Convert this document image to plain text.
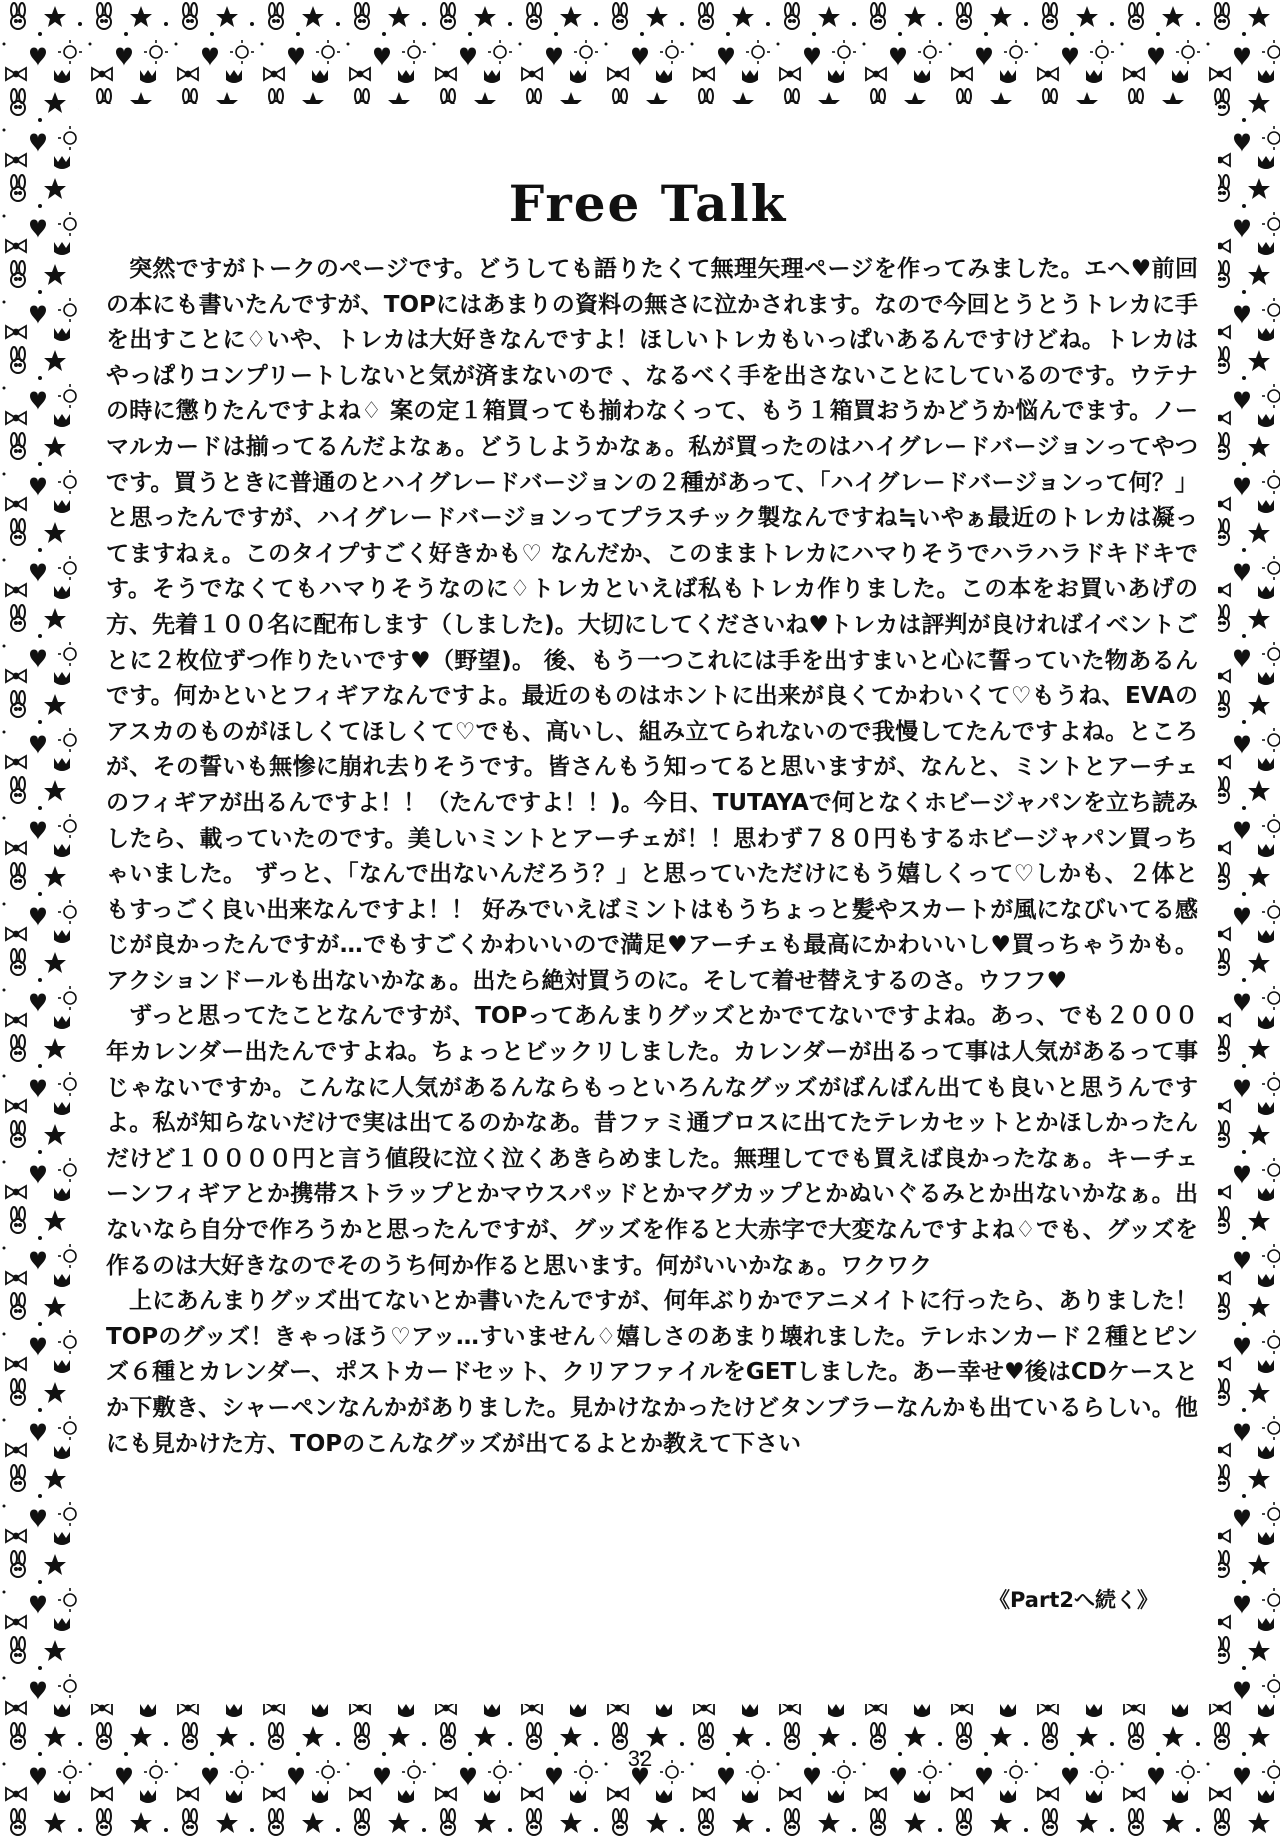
Free Talk

突然ですがトークのページです。どうしても語りたくて無理矢理ページを作ってみました。エヘ♥前回の本にも書いたんですが、TOPにはあまりの資料の無さに泣かされます。なので今回とうとうトレカに手を出すことに♢いや、トレカは大好きなんですよ！ほしいトレカもいっぱいあるんですけどね。トレカはやっぱりコンプリートしないと気が済まないので 、なるべく手を出さないことにしているのです。ウテナの時に懲りたんですよね♢ 案の定１箱買っても揃わなくって、もう１箱買おうかどうか悩んでます。ノーマルカードは揃ってるんだよなぁ。どうしようかなぁ。私が買ったのはハイグレードバージョンってやつです。買うときに普通のとハイグレードバージョンの２種があって、「ハイグレードバージョンって何？」と思ったんですが、ハイグレードバージョンってプラスチック製なんですね≒いやぁ最近のトレカは凝ってますねぇ。このタイプすごく好きかも♡ なんだか、このままトレカにハマりそうでハラハラドキドキです。そうでなくてもハマりそうなのに♢トレカといえば私もトレカ作りました。この本をお買いあげの方、先着１００名に配布します（しました)。大切にしてくださいね♥トレカは評判が良ければイベントごとに２枚位ずつ作りたいです♥（野望)。 後、もう一つこれには手を出すまいと心に誓っていた物あるんです。何かといとフィギアなんですよ。最近のものはホントに出来が良くてかわいくて♡もうね、EVAのアスカのものがほしくてほしくて♡でも、高いし、組み立てられないので我慢してたんですよね。ところが、その誓いも無惨に崩れ去りそうです。皆さんもう知ってると思いますが、なんと、ミントとアーチェのフィギアが出るんですよ！！（たんですよ！！)。今日、TUTAYAで何となくホビージャパンを立ち読みしたら、載っていたのです。美しいミントとアーチェが！！思わず７８０円もするホビージャパン買っちゃいました。 ずっと、「なんで出ないんだろう？」と思っていただけにもう嬉しくって♡しかも、２体ともすっごく良い出来なんですよ！！ 好みでいえばミントはもうちょっと髪やスカートが風になびいてる感じが良かったんですが…でもすごくかわいいので満足♥アーチェも最高にかわいいし♥買っちゃうかも。アクションドールも出ないかなぁ。出たら絶対買うのに。そして着せ替えするのさ。ウフフ♥

ずっと思ってたことなんですが、TOPってあんまりグッズとかでてないですよね。あっ、でも２０００年カレンダー出たんですよね。ちょっとビックリしました。カレンダーが出るって事は人気があるって事じゃないですか。こんなに人気があるんならもっといろんなグッズがばんばん出ても良いと思うんですよ。私が知らないだけで実は出てるのかなあ。昔ファミ通ブロスに出てたテレカセットとかほしかったんだけど１００００円と言う値段に泣く泣くあきらめました。無理してでも買えば良かったなぁ。キーチェーンフィギアとか携帯ストラップとかマウスパッドとかマグカップとかぬいぐるみとか出ないかなぁ。出ないなら自分で作ろうかと思ったんですが、グッズを作ると大赤字で大変なんですよね♢でも、グッズを作るのは大好きなのでそのうち何か作ると思います。何がいいかなぁ。ワクワク

上にあんまりグッズ出てないとか書いたんですが、何年ぶりかでアニメイトに行ったら、ありました！TOPのグッズ！きゃっほう♡アッ…すいません♢嬉しさのあまり壊れました。テレホンカード２種とピンズ６種とカレンダー、ポストカードセット、クリアファイルをGETしました。あー幸せ♥後はCDケースとか下敷き、シャーペンなんかがありました。見かけなかったけどタンブラーなんかも出ているらしい。他にも見かけた方、TOPのこんなグッズが出てるよとか教えて下さい

《Part2へ続く》
32
